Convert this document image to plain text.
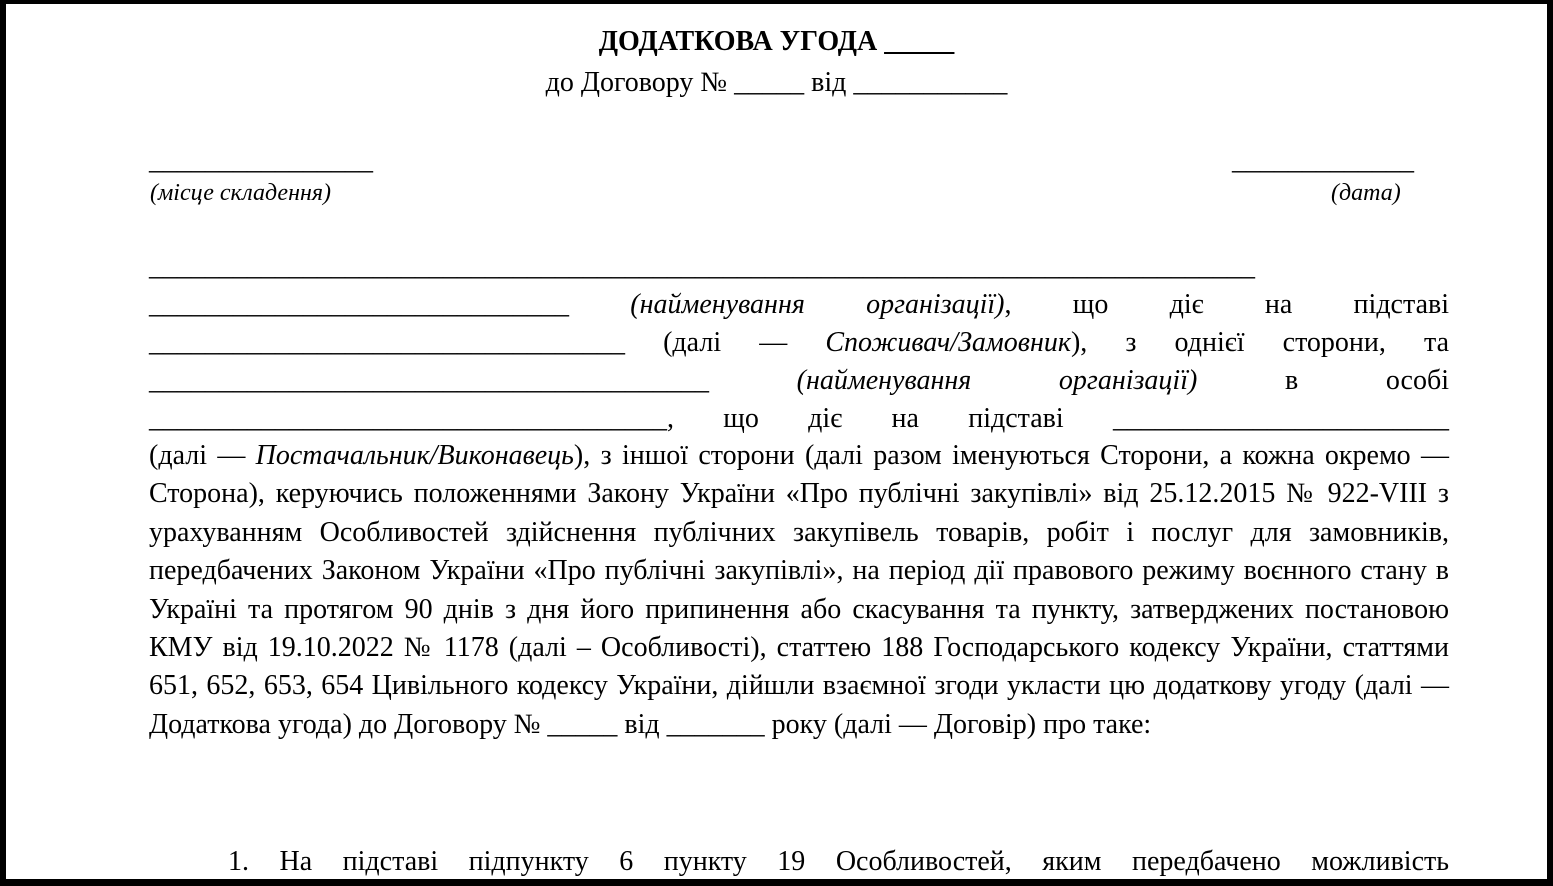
ДОДАТКОВА УГОДА _____
до Договору № _____ від ___________
________________
(місце складення)
_____________
(дата)
_______________________________________________________________________________
______________________________ (найменування організації), що діє на підставі
__________________________________ (далі — Споживач/Замовник), з однієї сторони, та
________________________________________	(найменування організації)	в особі
_____________________________________, що діє на підставі ________________________
(далі — Постачальник/Виконавець), з іншої сторони (далі разом іменуються Сторони, а кожна окремо — Сторона), керуючись положеннями Закону України «Про публічні закупівлі» від 25.12.2015 № 922-VIII з урахуванням Особливостей здійснення публічних закупівель товарів, робіт і послуг для замовників, передбачених Законом України «Про публічні закупівлі», на період дії правового режиму воєнного стану в Україні та протягом 90 днів з дня його припинення або скасування та пункту, затверджених постановою КМУ від 19.10.2022 № 1178 (далі – Особливості), статтею 188 Господарського кодексу України, статтями 651, 652, 653, 654 Цивільного кодексу України, дійшли взаємної згоди укласти цю додаткову угоду (далі — Додаткова угода) до Договору № _____ від _______ року (далі — Договір) про таке:
1. На підставі підпункту 6 пункту 19 Особливостей, яким передбачено можливість
